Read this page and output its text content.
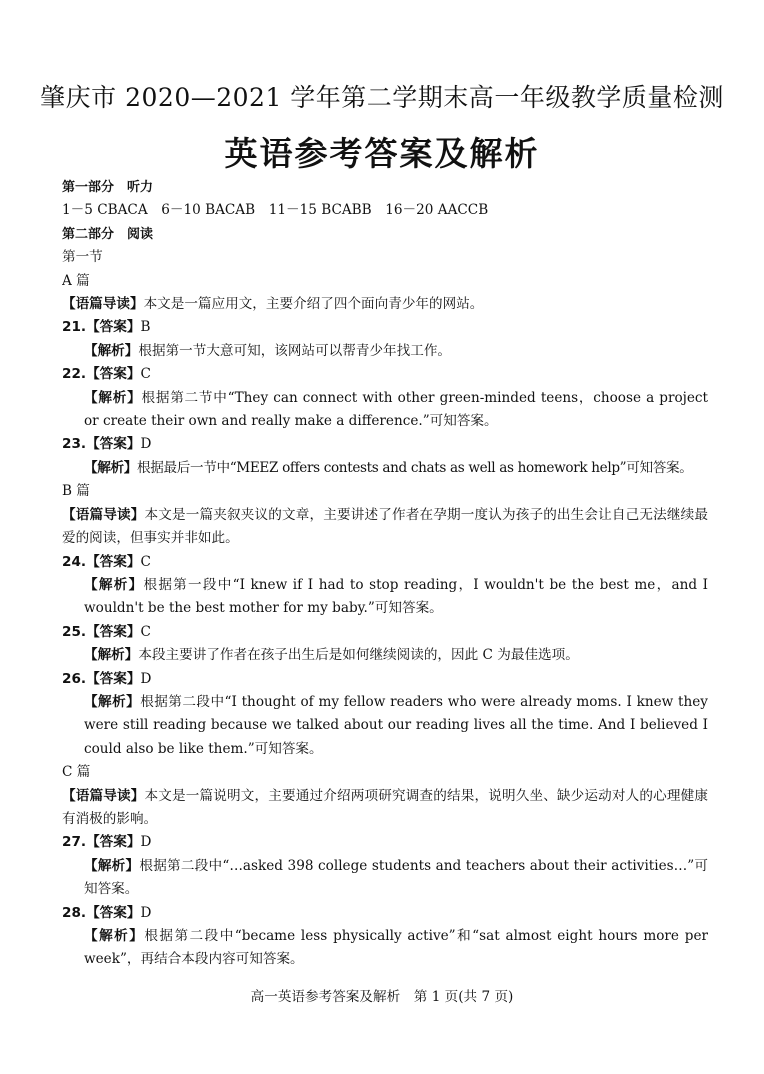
肇庆市 2020—2021 学年第二学期末高一年级教学质量检测
英语参考答案及解析
第一部分　听力
1－5 CBACA　6－10 BACAB　11－15 BCABB　16－20 AACCB
第二部分　阅读
第一节
A 篇
【语篇导读】本文是一篇应用文，主要介绍了四个面向青少年的网站。
21.【答案】B
【解析】根据第一节大意可知，该网站可以帮青少年找工作。
22.【答案】C
【解析】根据第二节中“They can connect with other green-minded teens，choose a project or create their own and really make a difference.”可知答案。
23.【答案】D
【解析】根据最后一节中“MEEZ offers contests and chats as well as homework help”可知答案。
B 篇
【语篇导读】本文是一篇夹叙夹议的文章，主要讲述了作者在孕期一度认为孩子的出生会让自己无法继续最爱的阅读，但事实并非如此。
24.【答案】C
【解析】根据第一段中“I knew if I had to stop reading，I wouldn't be the best me，and I wouldn't be the best mother for my baby.”可知答案。
25.【答案】C
【解析】本段主要讲了作者在孩子出生后是如何继续阅读的，因此 C 为最佳选项。
26.【答案】D
【解析】根据第二段中“I thought of my fellow readers who were already moms. I knew they were still reading because we talked about our reading lives all the time. And I believed I could also be like them.”可知答案。
C 篇
【语篇导读】本文是一篇说明文，主要通过介绍两项研究调查的结果，说明久坐、缺少运动对人的心理健康有消极的影响。
27.【答案】D
【解析】根据第二段中“…asked 398 college students and teachers about their activities…”可知答案。
28.【答案】D
【解析】根据第二段中“became less physically active”和“sat almost eight hours more per week”，再结合本段内容可知答案。
高一英语参考答案及解析　第 1 页(共 7 页)
